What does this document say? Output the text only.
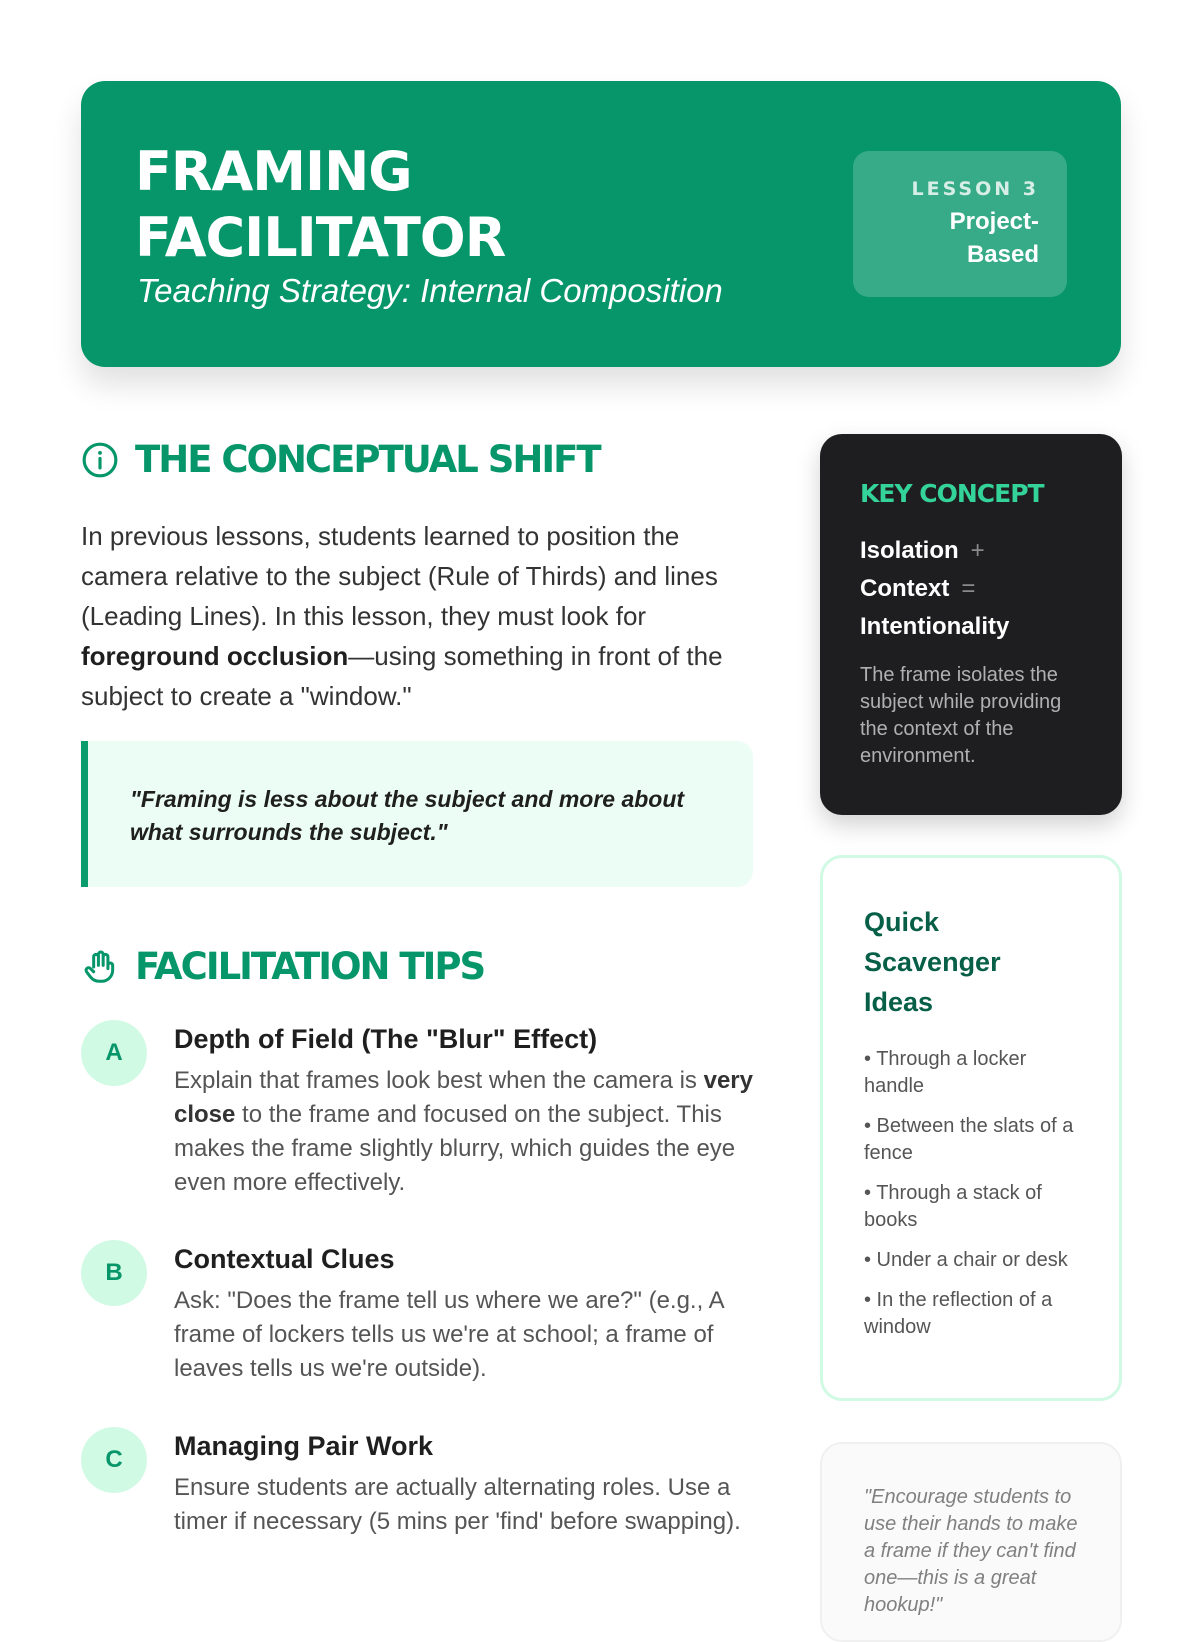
FRAMING
FACILITATOR
Teaching Strategy: Internal Composition
LESSON 3
Project-Based
THE CONCEPTUAL SHIFT
In previous lessons, students learned to position the camera relative to the subject (Rule of Thirds) and lines (Leading Lines). In this lesson, they must look for foreground occlusion—using something in front of the subject to create a "window."

"Framing is less about the subject and more about what surrounds the subject."

FACILITATION TIPS
A	Depth of Field (The "Blur" Effect)

Explain that frames look best when the camera is very close to the frame and focused on the subject. This makes the frame slightly blurry, which guides the eye even more effectively.

B	Contextual Clues

Ask: "Does the frame tell us where we are?" (e.g., A frame of lockers tells us we're at school; a frame of leaves tells us we're outside).

C	Managing Pair Work

Ensure students are actually alternating roles. Use a timer if necessary (5 mins per 'find' before swapping).

KEY CONCEPT
Isolation +
Context =
Intentionality

The frame isolates the subject while providing the context of the environment.

Quick Scavenger Ideas
• Through a locker handle
• Between the slats of a fence
• Through a stack of books
• Under a chair or desk
• In the reflection of a window

"Encourage students to use their hands to make a frame if they can't find one—this is a great hookup!"
